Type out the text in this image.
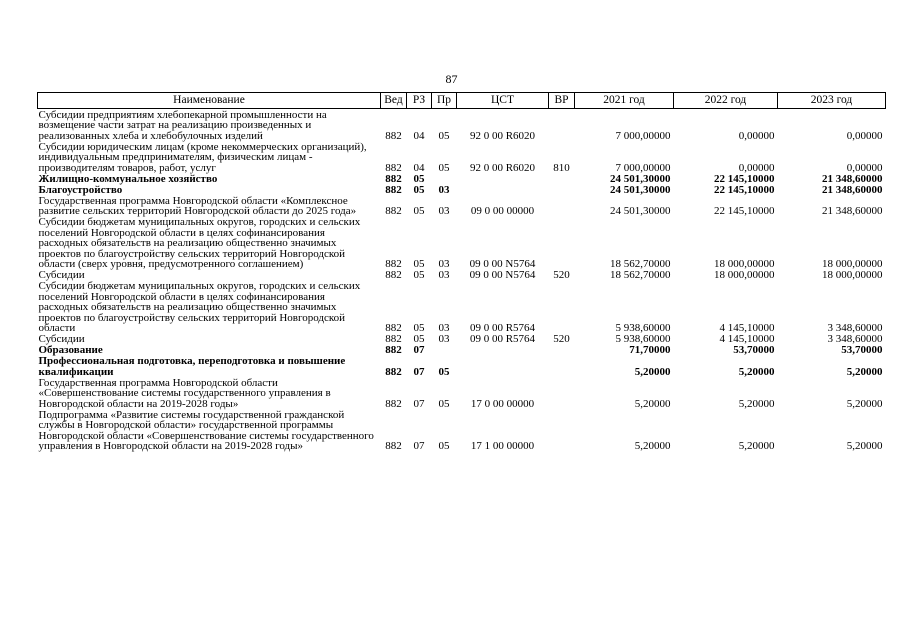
87
Наименование	Вед	РЗ	Пр	ЦСТ	ВР	2021 год	2022 год	2023 год
Субсидии предприятиям хлебопекарной промышленности на возмещение части затрат на реализацию произведенных и реализованных хлеба и хлебобулочных изделий	882	04	05	92 0 00 R6020		7 000,00000	0,00000	0,00000
Субсидии юридическим лицам (кроме некоммерческих организаций), индивидуальным предпринимателям, физическим лицам - производителям товаров, работ, услуг	882	04	05	92 0 00 R6020	810	7 000,00000	0,00000	0,00000
Жилищно-коммунальное хозяйство	882	05				24 501,30000	22 145,10000	21 348,60000
Благоустройство	882	05	03			24 501,30000	22 145,10000	21 348,60000
Государственная программа Новгородской области «Комплексное развитие сельских территорий Новгородской области до 2025 года»	882	05	03	09 0 00 00000		24 501,30000	22 145,10000	21 348,60000
Субсидии бюджетам муниципальных округов, городских и сельских поселений Новгородской области в целях софинансирования расходных обязательств на реализацию общественно значимых проектов по благоустройству сельских территорий Новгородской области (сверх уровня, предусмотренного соглашением)	882	05	03	09 0 00 N5764		18 562,70000	18 000,00000	18 000,00000
Субсидии	882	05	03	09 0 00 N5764	520	18 562,70000	18 000,00000	18 000,00000
Субсидии бюджетам муниципальных округов, городских и сельских поселений Новгородской области в целях софинансирования расходных обязательств на реализацию общественно значимых проектов по благоустройству сельских территорий Новгородской области	882	05	03	09 0 00 R5764		5 938,60000	4 145,10000	3 348,60000
Субсидии	882	05	03	09 0 00 R5764	520	5 938,60000	4 145,10000	3 348,60000
Образование	882	07				71,70000	53,70000	53,70000
Профессиональная подготовка, переподготовка и повышение квалификации	882	07	05			5,20000	5,20000	5,20000
Государственная программа Новгородской области «Совершенствование системы государственного управления в Новгородской области на 2019-2028 годы»	882	07	05	17 0 00 00000		5,20000	5,20000	5,20000
Подпрограмма «Развитие системы государственной гражданской службы в Новгородской области» государственной программы Новгородской области «Совершенствование системы государственного управления в Новгородской области на 2019-2028 годы»	882	07	05	17 1 00 00000		5,20000	5,20000	5,20000
